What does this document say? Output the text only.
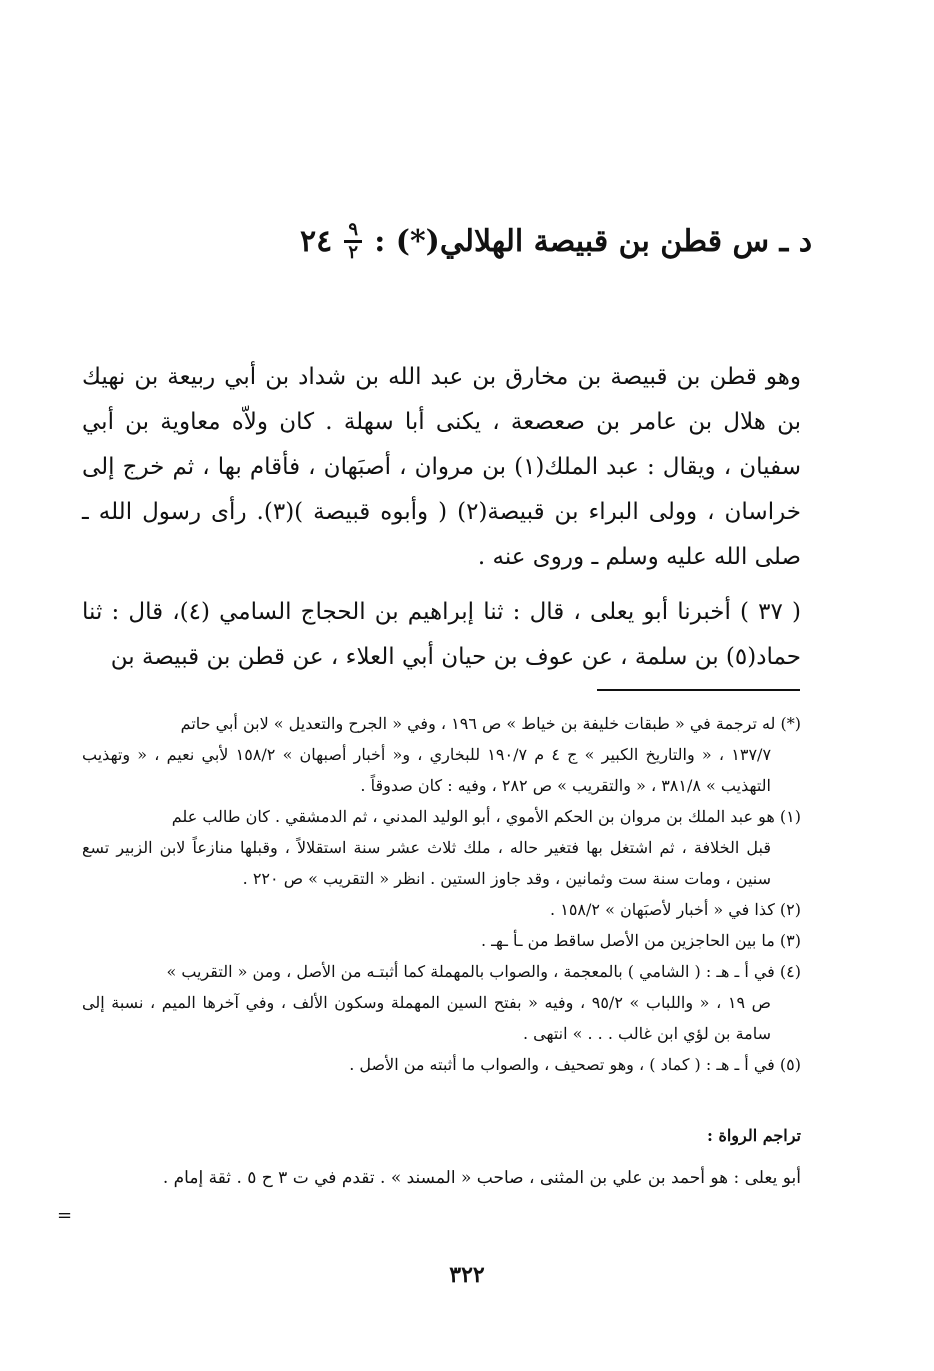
٢٤ $\frac{٩}{٢}$ د ـ س قطن بن قبيصة الهلالي(*) :

وهو قطن بن قبيصة بن مخارق بن عبد الله بن شداد بن أبي ربيعة بن نهيك بن هلال بن عامر بن صعصعة ، يكنى أبا سهلة . كان ولاّه معاوية بن أبي سفيان ، ويقال : عبد الملك(١) بن مروان ، أصبَهان ، فأقام بها ، ثم خرج إلى خراسان ، وولى البراء بن قبيصة(٢) ( وأبوه قبيصة )(٣). رأى رسول الله ـ صلى الله عليه وسلم ـ وروى عنه .

( ٣٧ ) أخبرنا أبو يعلى ، قال : ثنا إبراهيم بن الحجاج السامي (٤)، قال : ثنا حماد(٥) بن سلمة ، عن عوف بن حيان أبي العلاء ، عن قطن بن قبيصة بن

(*) له ترجمة في « طبقات خليفة بن خياط » ص ١٩٦ ، وفي « الجرح والتعديل » لابن أبي حاتم
١٣٧/٧ ، « والتاريخ الكبير » ج ٤ م ١٩٠/٧ للبخاري ، و« أخبار أصبهان » ١٥٨/٢ لأبي نعيم ، « وتهذيب التهذيب » ٣٨١/٨ ، « والتقريب » ص ٢٨٢ ، وفيه : كان صدوقاً .
(١) هو عبد الملك بن مروان بن الحكم الأموي ، أبو الوليد المدني ، ثم الدمشقي . كان طالب علم
قبل الخلافة ، ثم اشتغل بها فتغير حاله ، ملك ثلاث عشر سنة استقلالاً ، وقبلها منازعاً لابن الزبير تسع سنين ، ومات سنة ست وثمانين ، وقد جاوز الستين . انظر « التقريب » ص ٢٢٠ .
(٢) كذا في « أخبار لأصبَهان » ١٥٨/٢ .
(٣) ما بين الحاجزين من الأصل ساقط من ـأ ـهـ .
(٤) في أ ـ هـ : ( الشامي ) بالمعجمة ، والصواب بالمهملة كما أثبتـه من الأصل ، ومن « التقريب »
ص ١٩ ، « واللباب » ٩٥/٢ ، وفيه « بفتح السين المهملة وسكون الألف ، وفي آخرها الميم ، نسبة إلى سامة بن لؤي ابن غالب . . . » انتهى .
(٥) في أ ـ هـ : ( كماد ) ، وهو تصحيف ، والصواب ما أثبته من الأصل .
تراجم الرواة :
أبو يعلى : هو أحمد بن علي بن المثنى ، صاحب « المسند » . تقدم في ت ٣ ح ٥ . ثقة إمام .
=
٣٢٢
